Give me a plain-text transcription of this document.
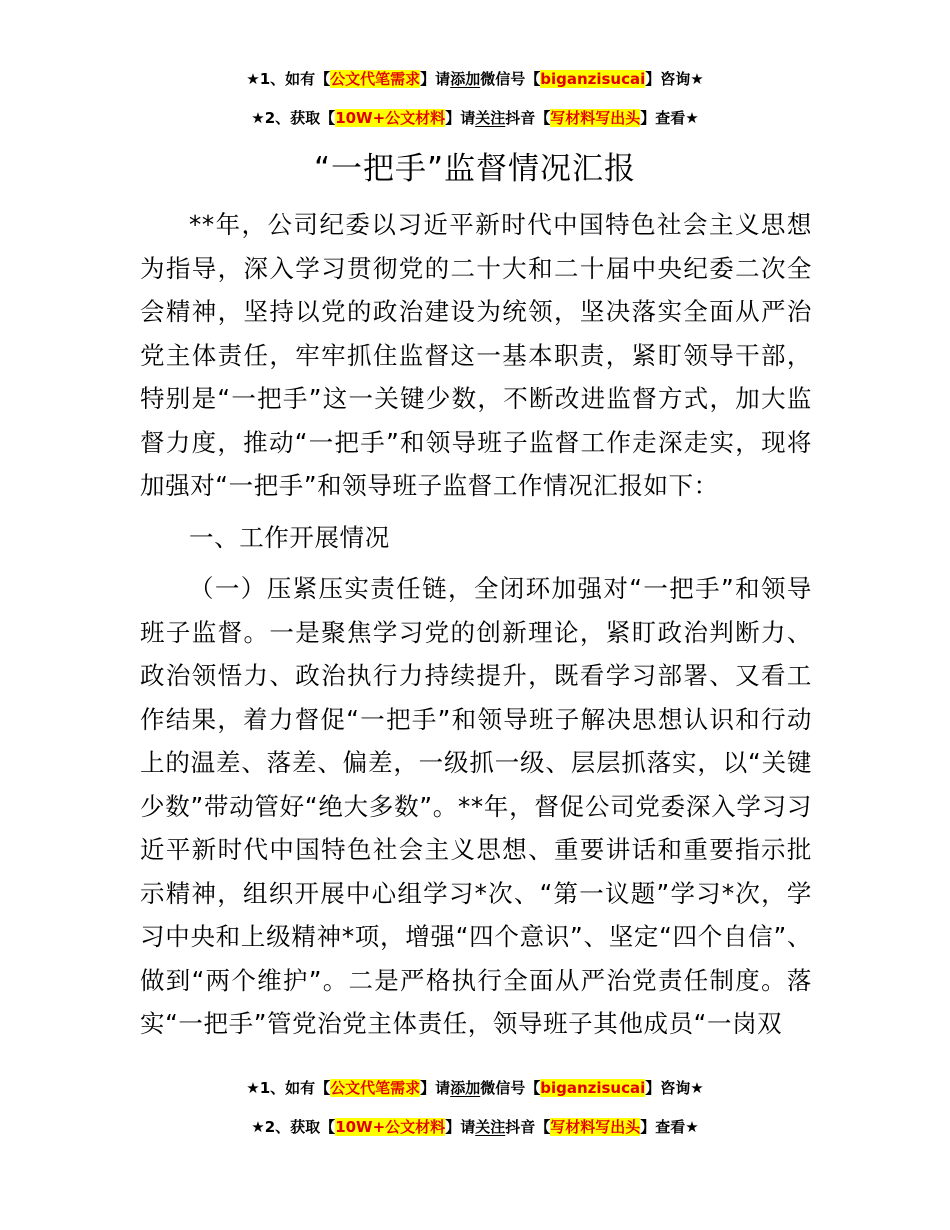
★1、如有【公文代笔需求】请添加微信号【biganzisucai】咨询★
★2、获取【10W+公文材料】请关注抖音【写材料写出头】查看★
“一把手”监督情况汇报

**年，公司纪委以习近平新时代中国特色社会主义思想为指导，深入学习贯彻党的二十大和二十届中央纪委二次全会精神，坚持以党的政治建设为统领，坚决落实全面从严治党主体责任，牢牢抓住监督这一基本职责，紧盯领导干部，特别是“一把手”这一关键少数，不断改进监督方式，加大监督力度，推动“一把手”和领导班子监督工作走深走实，现将加强对“一把手”和领导班子监督工作情况汇报如下：

一、工作开展情况

（一）压紧压实责任链，全闭环加强对“一把手”和领导班子监督。一是聚焦学习党的创新理论，紧盯政治判断力、政治领悟力、政治执行力持续提升，既看学习部署、又看工作结果，着力督促“一把手”和领导班子解决思想认识和行动上的温差、落差、偏差，一级抓一级、层层抓落实，以“关键少数”带动管好“绝大多数”。**年，督促公司党委深入学习习近平新时代中国特色社会主义思想、重要讲话和重要指示批示精神，组织开展中心组学习*次、“第一议题”学习*次，学习中央和上级精神*项，增强“四个意识”、坚定“四个自信”、做到“两个维护”。二是严格执行全面从严治党责任制度。落实“一把手”管党治党主体责任，领导班子其他成员“一岗双

★1、如有【公文代笔需求】请添加微信号【biganzisucai】咨询★
★2、获取【10W+公文材料】请关注抖音【写材料写出头】查看★
